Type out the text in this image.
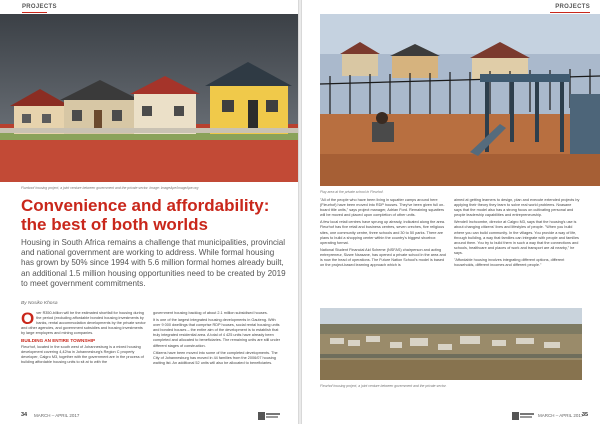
PROJECTS
Flurrkoof housing project, a joint venture between government and the private sector. Image: ImageApe/ImageApe.org
Convenience and affordability:
the best of both worlds

Housing in South Africa remains a challenge that municipalities, provincial and national government are working to address. While formal housing has grown by 50% since 1994 with 5.6 million formal homes already built, an additional 1.5 million housing opportunities need to be created by 2019 to meet government commitments.

By Nosiko Khosa

Over R350-billion will be the estimated shortfall for housing during the period (excluding affordable bonded housing investments by banks, rental accommodation developments by the private sector and other agencies, and government subsidies and housing investments by large employers and mining companies.

BUILDING AN ENTIRE TOWNSHIP

Fleurhof, located in the south west of Johannesburg is a mixed housing development covering 4,42ha in Johannesburg's Region C property developer, Calgro M3, together with the government are in the process of building affordable housing units to sit at to with the

government housing backlog of about 2.1 million subsidised houses.

It is one of the largest integrated housing developments in Gauteng. With over 9 000 dwellings that comprise RDP houses, social rental housing units and bonded houses – the entire aim of the development is to establish that truly integrated residential area. A total of 4 425 units have already been completed and allocated to beneficiaries. The remaining units are still under different stages of construction.

Citizens have been moved into some of the completed developments. The City of Johannesburg has moved in 44 families from the 2006/07 housing waiting list. An additional 52 units will also be allocated to beneficiaries.

34 MARCH – APRIL 2017
PROJECTS
Play area at the private school in Fleurhof.

"All of the people who have been living in squatter camps around here (Fleurhof) have been moved into RDP houses. They've been given full on-board title units," says project manager, Adrian Ford. Remaining squatters will be moved and placed upon completion of other units.

A few local retail centres have sprung up already, indicated along the area. Fleurhof has five retail and business centres, seven creches, five religious sites, one community centre, three schools and 30 to 50 parks. There are plans to build a shopping center within the country's biggest shoebox operating format.

National Student Financial Aid Scheme (NSFAS) chairperson and acting entrepreneur, Sizwe Nxasane, has opened a private school in the area and is now the head of operations. The Future Nation School's model is based on the project-based learning approach which is

aimed at getting learners to design, plan and execute extended projects by applying their theory they learn to solve real world problems. Nxasane says that the model also has a strong focus on cultivating personal and people leadership capabilities and entrepreneurship.

Wendell Inchcombe, director at Calgro M3, says that the housing's use is about changing citizens' lives and lifestyles of people. "When you build where you can build community. In the villages. You provide a way of life, through building, a way that families can integrate with people and families around them. You try to build them in such a way that the connections and schools, healthcare and places of work and transport are all nearby," he says.

"Affordable housing involves integrating different options, different households, different incomes and different people."

Fleurhof housing project, a joint venture between government and the private sector.
MARCH – APRIL 2017
35
